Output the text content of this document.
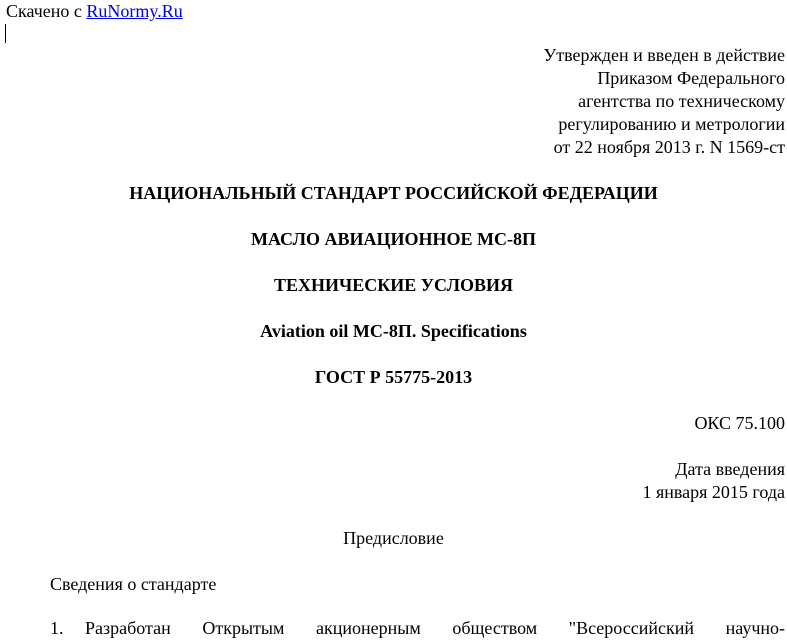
Скачено с RuNormy.Ru
Утвержден и введен в действие
Приказом Федерального
агентства по техническому
регулированию и метрологии
от 22 ноября 2013 г. N 1569-ст
НАЦИОНАЛЬНЫЙ СТАНДАРТ РОССИЙСКОЙ ФЕДЕРАЦИИ
МАСЛО АВИАЦИОННОЕ МС-8П
ТЕХНИЧЕСКИЕ УСЛОВИЯ
Aviation oil MC-8П. Specifications
ГОСТ Р 55775-2013
ОКС 75.100
Дата введения
1 января 2015 года
Предисловие
Сведения о стандарте
1.	Разработан Открытым акционерным обществом "Всероссийский научно-
